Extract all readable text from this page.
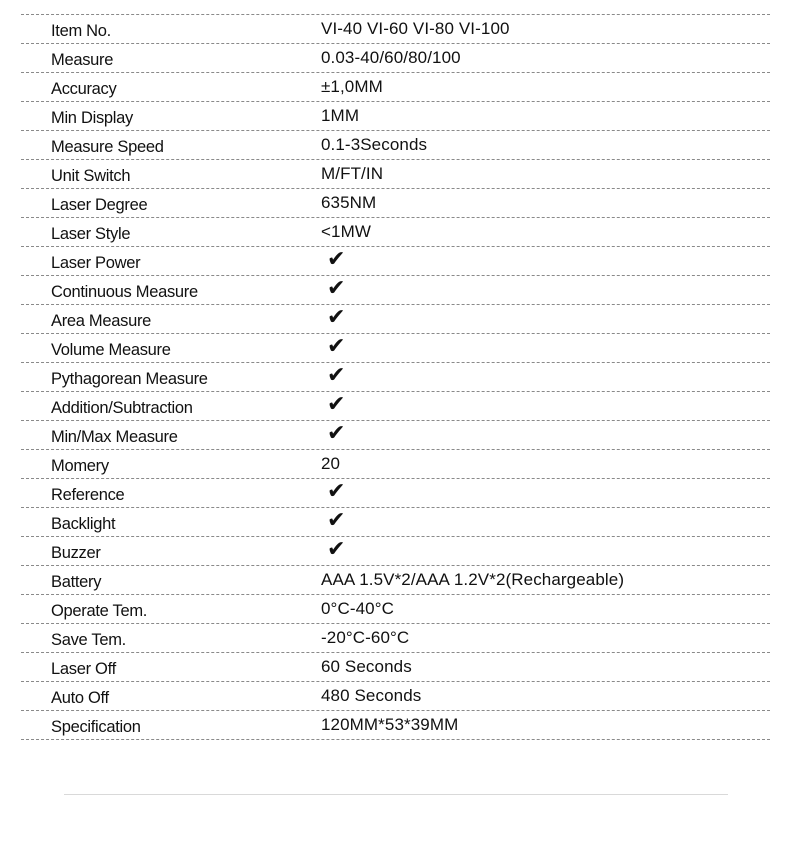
Item No.	VI-40 VI-60 VI-80 VI-100
Measure	0.03-40/60/80/100
Accuracy	±1,0MM
Min Display	1MM
Measure Speed	0.1-3Seconds
Unit Switch	M/FT/IN
Laser Degree	635NM
Laser Style	<1MW
Laser Power	✔
Continuous Measure	✔
Area Measure	✔
Volume Measure	✔
Pythagorean Measure	✔
Addition/Subtraction	✔
Min/Max Measure	✔
Momery	20
Reference	✔
Backlight	✔
Buzzer	✔
Battery	AAA 1.5V*2/AAA 1.2V*2(Rechargeable)
Operate Tem.	0°C-40°C
Save Tem.	-20°C-60°C
Laser Off	60 Seconds
Auto Off	480 Seconds
Specification	120MM*53*39MM
